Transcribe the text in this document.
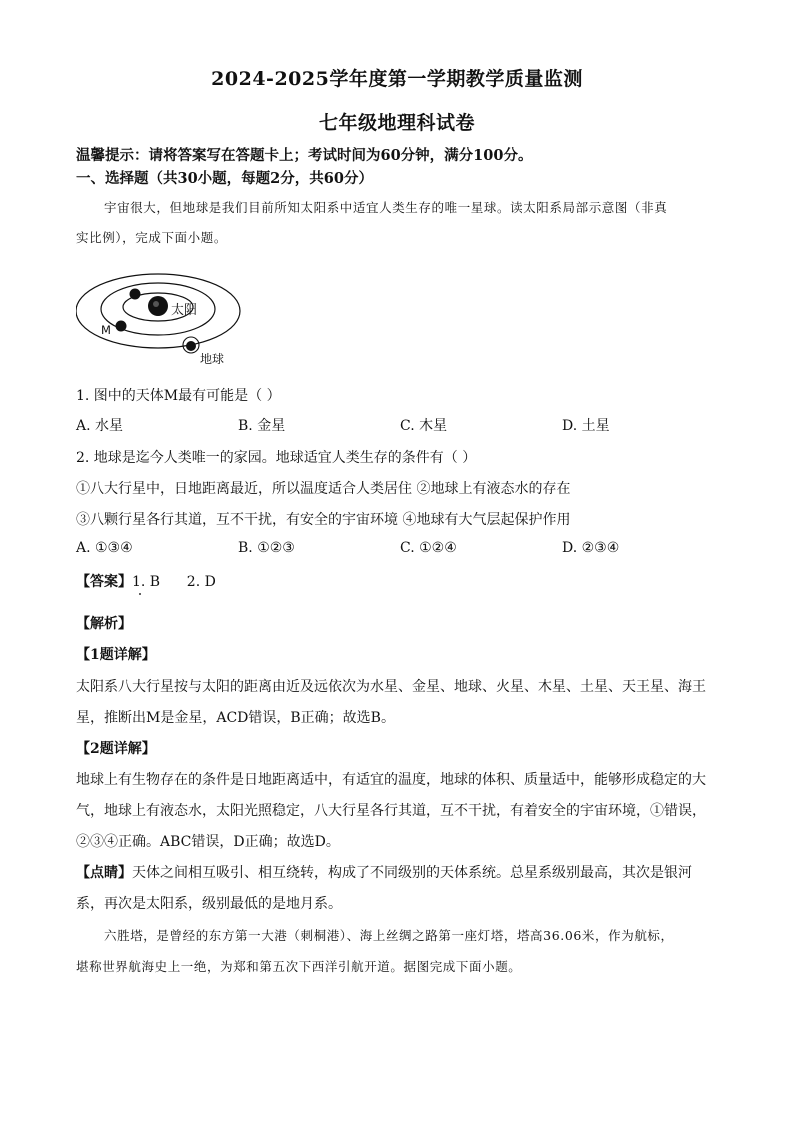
2024-2025学年度第一学期教学质量监测
七年级地理科试卷
温馨提示：请将答案写在答题卡上；考试时间为60分钟，满分100分。
一、选择题（共30小题，每题2分，共60分）
宇宙很大，但地球是我们目前所知太阳系中适宜人类生存的唯一星球。读太阳系局部示意图（非真
实比例），完成下面小题。
太阳
M
地球
1. 图中的天体M最有可能是（ ）
A. 水星	B. 金星	C. 木星	D. 土星
2. 地球是迄今人类唯一的家园。地球适宜人类生存的条件有（ ）
①八大行星中，日地距离最近，所以温度适合人类居住 ②地球上有液态水的存在
③八颗行星各行其道，互不干扰，有安全的宇宙环境 ④地球有大气层起保护作用
A. ①③④	B. ①②③	C. ①②④	D. ②③④
【答案】1. B      2. D
【解析】
【1题详解】
太阳系八大行星按与太阳的距离由近及远依次为水星、金星、地球、火星、木星、土星、天王星、海王
星，推断出M是金星，ACD错误，B正确；故选B。
【2题详解】
地球上有生物存在的条件是日地距离适中，有适宜的温度，地球的体积、质量适中，能够形成稳定的大
气，地球上有液态水，太阳光照稳定，八大行星各行其道，互不干扰，有着安全的宇宙环境，①错误，
②③④正确。ABC错误，D正确；故选D。
【点睛】天体之间相互吸引、相互绕转，构成了不同级别的天体系统。总星系级别最高，其次是银河
系，再次是太阳系，级别最低的是地月系。
六胜塔，是曾经的东方第一大港（刺桐港）、海上丝绸之路第一座灯塔，塔高36.06米，作为航标，
堪称世界航海史上一绝，为郑和第五次下西洋引航开道。据图完成下面小题。
